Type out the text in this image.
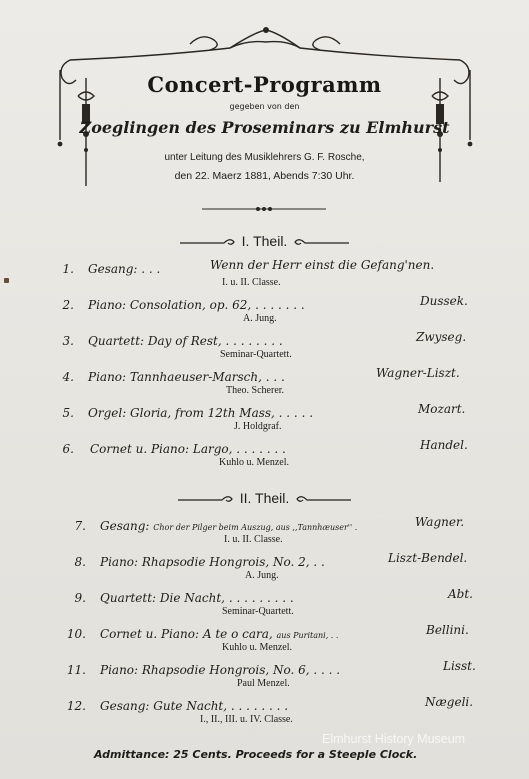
Concert-Programm
gegeben von den
Zoeglingen des Proseminars zu Elmhurst
unter Leitung des Musiklehrers G. F. Rosche,
den 22. Maerz 1881, Abends 7:30 Uhr.
I. Theil.
1. Gesang: . . .	Wenn der Herr einst die Gefang'nen.
I. u. II. Classe.
2. Piano: Consolation, op. 62, . . . . . . .	Dussek.
A. Jung.
3. Quartett: Day of Rest, . . . . . . . .	Zwyseg.
Seminar-Quartett.
4. Piano: Tannhaeuser-Marsch, . . .	Wagner-Liszt.
Theo. Scherer.
5. Orgel: Gloria, from 12th Mass, . . . . .	Mozart.
J. Holdgraf.
6. Cornet u. Piano: Largo, . . . . . . .	Handel.
Kuhlo u. Menzel.
II. Theil.
7. Gesang: Chor der Pilger beim Auszug, aus ,,Tannhæuser'' .	Wagner.
I. u. II. Classe.
8. Piano: Rhapsodie Hongrois, No. 2, . .	Liszt-Bendel.
A. Jung.
9. Quartett: Die Nacht, . . . . . . . . .	Abt.
Seminar-Quartett.
10. Cornet u. Piano: A te o cara, aus Puritani, . .	Bellini.
Kuhlo u. Menzel.
11. Piano: Rhapsodie Hongrois, No. 6, . . . .	Lisst.
Paul Menzel.
12. Gesang: Gute Nacht, . . . . . . . .	Nægeli.
I., II., III. u. IV. Classe.
Admittance: 25 Cents. Proceeds for a Steeple Clock.
Elmhurst History Museum
